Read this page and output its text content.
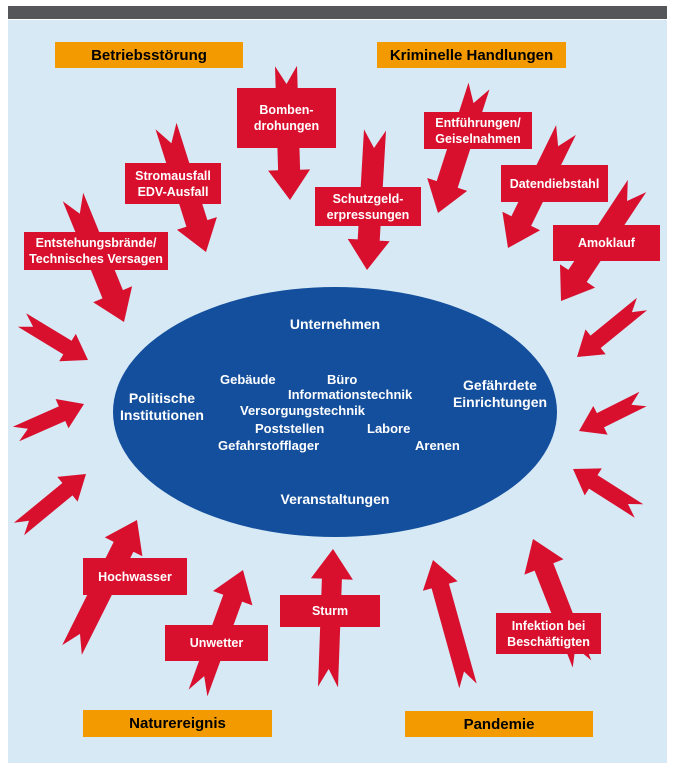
Betriebsstörung	Kriminelle Handlungen
Naturereignis	Pandemie
Bomben-
drohungen
Stromausfall
EDV-Ausfall
Entstehungsbrände/
Technisches Versagen
Schutzgeld-
erpressungen
Entführungen/
Geiselnahmen
Datendiebstahl
Amoklauf
Hochwasser
Unwetter
Sturm
Infektion bei
Beschäftigten
Unternehmen
Politische
Institutionen
Gefährdete
Einrichtungen
Gebäude	Büro
Informationstechnik
Versorgungstechnik
Poststellen	Labore
Gefahrstofflager	Arenen
Veranstaltungen
